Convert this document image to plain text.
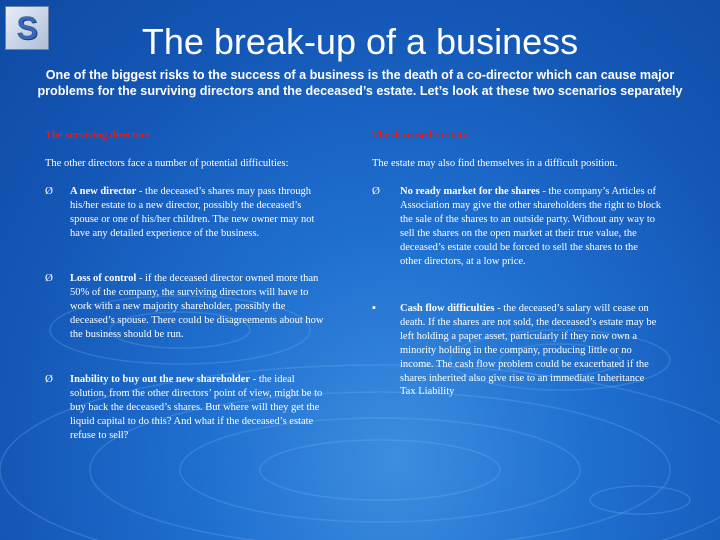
S	The break-up of a business
One of the biggest risks to the success of a business is the death of a co-director which can cause major problems for the surviving directors and the deceased’s estate. Let’s look at these two scenarios separately
The surviving directors	The deceased’s estate
The other directors face a number of potential difficulties:	The estate may also find themselves in a difficult position.
Ø A new director - the deceased’s shares may pass through his/her estate to a new director, possibly the deceased’s spouse or one of his/her children. The new owner may not have any detailed experience of the business.
Ø Loss of control - if the deceased director owned more than 50% of the company, the surviving directors will have to work with a new majority shareholder, possibly the deceased’s spouse. There could be disagreements about how the business should be run.
Ø Inability to buy out the new shareholder - the ideal solution, from the other directors’ point of view, might be to buy back the deceased’s shares. But where will they get the liquid capital to do this? And what if the deceased’s estate refuse to sell?
Ø No ready market for the shares - the company’s Articles of Association may give the other shareholders the right to block the sale of the shares to an outside party. Without any way to sell the shares on the open market at their true value, the deceased’s estate could be forced to sell the shares to the other directors, at a low price.
▪ Cash flow difficulties - the deceased’s salary will cease on death. If the shares are not sold, the deceased’s estate may be left holding a paper asset, particularly if they now own a minority holding in the company, producing little or no income. The cash flow problem could be exacerbated if the shares inherited also give rise to an immediate Inheritance Tax Liability
